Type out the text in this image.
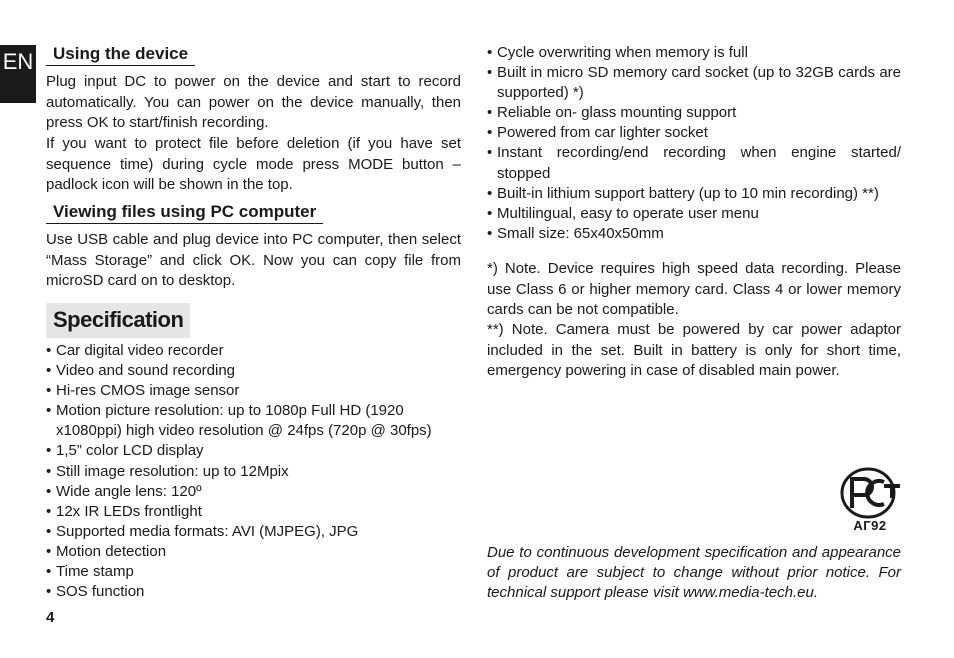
EN	Using the device

Plug input DC to power on the device and start to record automatically. You can power on the device manually, then press OK to start/finish recording.

If you want to protect file before deletion (if you have set sequence time) during cycle mode press MODE button – padlock icon will be shown in the top.

Viewing files using PC computer

Use USB cable and plug device into PC computer, then select “Mass Storage” and click OK. Now you can copy file from microSD card on to desktop.

Specification
• Car digital video recorder
• Video and sound recording
• Hi-res CMOS image sensor
• Motion picture resolution: up to 1080p Full HD (1920 x1080ppi) high video resolution @ 24fps (720p @ 30fps)
• 1,5” color LCD display
• Still image resolution: up to 12Mpix
• Wide angle lens: 120º
• 12x IR LEDs frontlight
• Supported media formats: AVI (MJPEG), JPG
• Motion detection
• Time stamp
• SOS function
• Cycle overwriting when memory is full
• Built in micro SD memory card socket (up to 32GB cards are supported) *)
• Reliable on- glass mounting support
• Powered from car lighter socket
• Instant recording/end recording when engine started/ stopped
• Built-in lithium support battery (up to 10 min recording) **)
• Multilingual, easy to operate user menu
• Small size: 65x40x50mm

*) Note. Device requires high speed data recording. Please use Class 6 or higher memory card. Class 4 or lower memory cards can be not compatible.

**) Note. Camera must be powered by car power adaptor included in the set. Built in battery is only for short time, emergency powering in case of disabled main power.

АГ92

Due to continuous development specification and appearance of product are subject to change without prior notice. For technical support please visit www.media-tech.eu.

4
